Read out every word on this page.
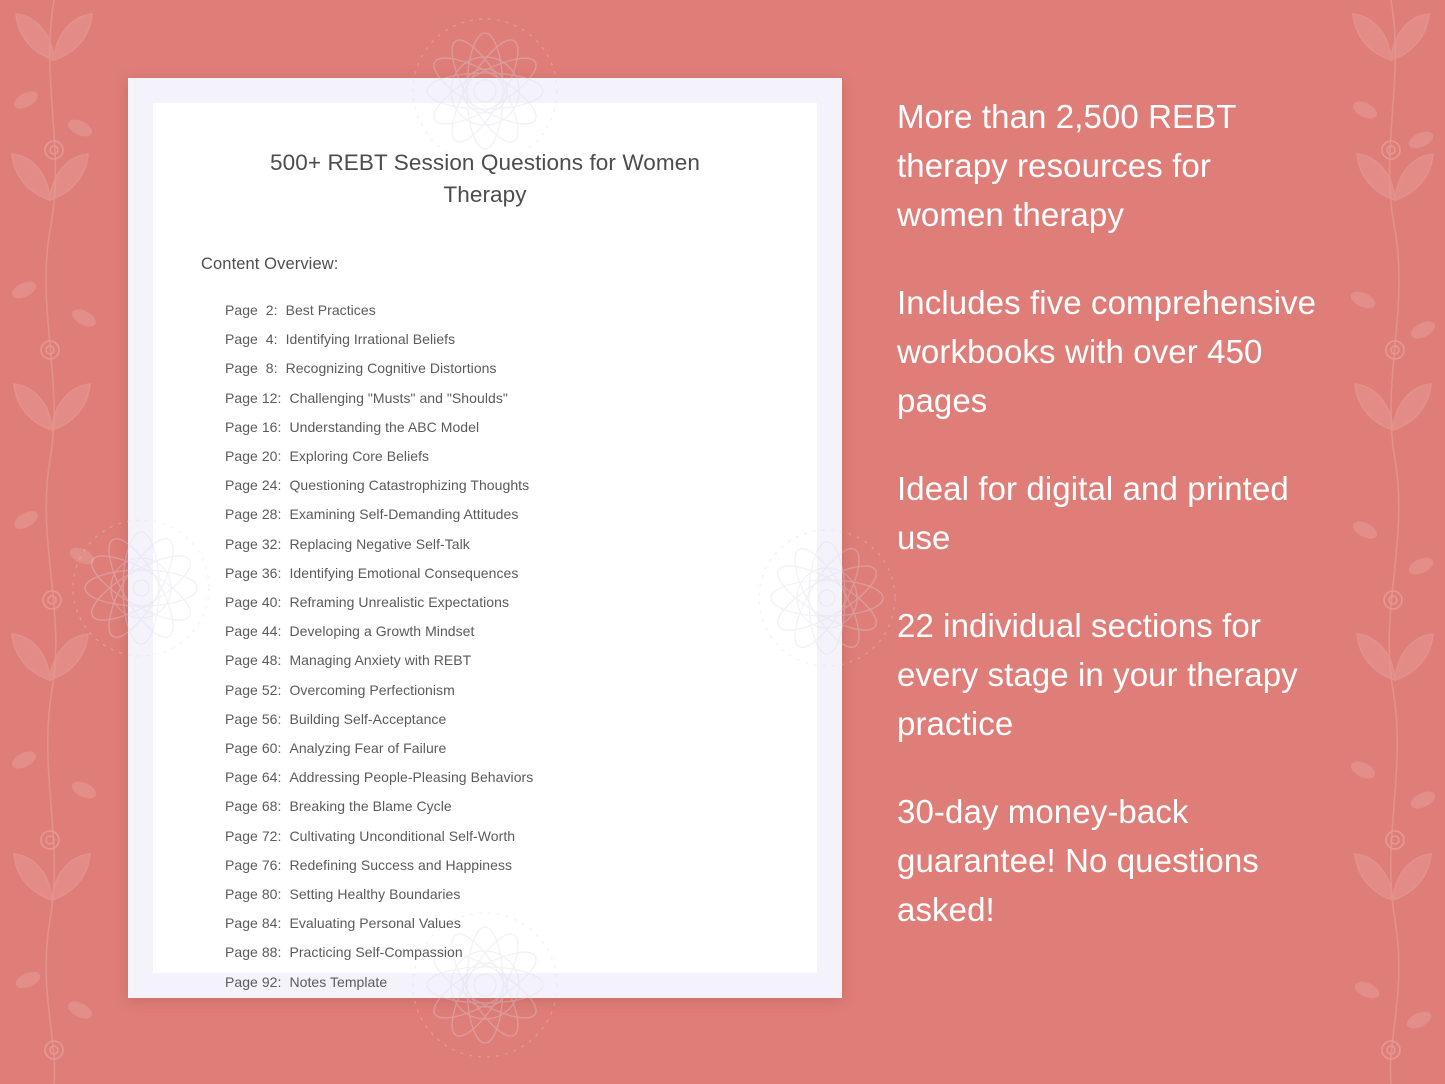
500+ REBT Session Questions for Women Therapy
Content Overview:
Page  2: Best Practices
Page  4: Identifying Irrational Beliefs
Page  8: Recognizing Cognitive Distortions
Page 12: Challenging "Musts" and "Shoulds"
Page 16: Understanding the ABC Model
Page 20: Exploring Core Beliefs
Page 24: Questioning Catastrophizing Thoughts
Page 28: Examining Self-Demanding Attitudes
Page 32: Replacing Negative Self-Talk
Page 36: Identifying Emotional Consequences
Page 40: Reframing Unrealistic Expectations
Page 44: Developing a Growth Mindset
Page 48: Managing Anxiety with REBT
Page 52: Overcoming Perfectionism
Page 56: Building Self-Acceptance
Page 60: Analyzing Fear of Failure
Page 64: Addressing People-Pleasing Behaviors
Page 68: Breaking the Blame Cycle
Page 72: Cultivating Unconditional Self-Worth
Page 76: Redefining Success and Happiness
Page 80: Setting Healthy Boundaries
Page 84: Evaluating Personal Values
Page 88: Practicing Self-Compassion
Page 92: Notes Template
More than 2,500 REBT therapy resources for women therapy
Includes five comprehensive workbooks with over 450 pages
Ideal for digital and printed use
22 individual sections for every stage in your therapy practice
30-day money-back guarantee! No questions asked!
